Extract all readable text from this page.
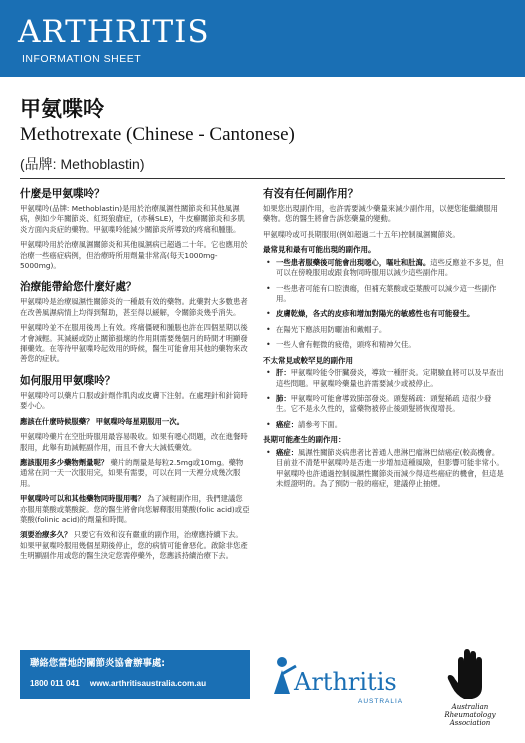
ARTHRITIS
INFORMATION SHEET
甲氨喋呤
Methotrexate (Chinese - Cantonese)
(品牌: Methoblastin)
什麼是甲氨喋呤？

甲氨喋呤(品牌: Methoblastin)是用於治療風濕性關節炎和其他風濕病，例如少年關節炎、紅斑狼瘡症，(亦稱SLE)，牛皮癬關節炎和多肌炎方面內炎症的藥物。甲氨喋呤能減少關節炎所導致的疼痛和腫脹。

甲氨喋呤用於治療風濕關節炎和其他風濕病已超過二十年。它也應用於治療一些癌症病例，但治療時所用劑量非常高(每天1000mg-5000mg)。

治療能帶給您什麼好處？

甲氨喋呤是治療風濕性關節炎的一種最有效的藥物。此藥對大多數患者在改善風濕病情上均得到幫助，甚至得以緩解，令關節炎幾乎消失。

甲氨喋呤並不在服用後馬上有效。疼痛僵硬和腫脹也許在四個星期以後才會減輕。其減緩或防止關節損壞的作用則需要幾個月的時間才明顯發揮藥效。在等待甲氨喋呤起效用的時候，醫生可能會用其他的藥物來改善您的症狀。

如何服用甲氨喋呤？

甲氨喋呤可以藥片口服或針劑作肌肉或皮膚下注射。在處理針和針筒時要小心。

應該在什麼時候服藥？ 甲氨喋呤每星期服用一次。

甲氨喋呤藥片在空肚時服用最容易吸收。如果有噁心問題，改在進餐時服用，此舉有助減輕副作用，而且不會大大減低藥效。

應該服用多少藥物劑量呢？ 藥片的劑量是每粒2.5mg或10mg。藥物通常在同一天一次服用完，如果有需要，可以在同一天裡分成幾次服用。

甲氨喋呤可以和其他藥物同時服用嗎？ 為了減輕副作用，我們建議您亦服用葉酸或葉酸錠。您的醫生將會向您解釋服用葉酸(folic acid)或亞葉酸(folinic acid)的劑量和時間。

須要治療多久？ 只要它有效和沒有嚴重的副作用，治療應持續下去。如果甲氨喋呤服用幾個星期後停止，您的病情可能會惡化。啟除非您產生明顯副作用或您的醫生決定您需停藥外，您應該持續治療下去。

有沒有任何副作用？

如果您出現副作用，也許需要減少藥量來減少副作用，以便您能繼續服用藥物。您的醫生將會告訴您藥量的變動。

甲氨喋呤或可長期服用(例如超過二十五年)控制風濕關節炎。

最常見和最有可能出現的副作用。
• 一些患者服藥後可能會出現噁心，嘔吐和肚瀉。這些反應並不多見，但可以在傍晚服用或跟食物同時服用以減少這些副作用。
• 一些患者可能有口腔潰瘍，但補充葉酸或亞葉酸可以減少這一些副作用。
• 皮膚乾燥，各式的皮疹和增加對陽光的敏感性也有可能發生。
• 在陽光下應該用防曬油和戴帽子。
• 一些人會有輕微的疲倦，頭疼和精神欠佳。
不太常見或較罕見的副作用
• 肝：甲氨喋呤能令肝臟發炎，導致一種肝炎。定期驗血將可以及早查出這些問題。甲氨喋呤藥量也許需要減少或被停止。
• 肺：甲氨喋呤可能會導致肺部發炎。頭髮稀疏：頭髮稀疏 這很少發生。它不是永久性的，當藥物被停止後頭髮將恢復增長。
• 癌症：請參考下面。
長期可能產生的副作用：
• 癌症：風濕性關節炎病患者比普通人患淋巴瘤淋巴結癌症(較高機會。目前並不清楚甲氨喋呤是否進一步增加這種風險，但影響可能非常小。甲氨喋呤也許通過控制風濕性關節炎而減少得這些癌症的機會，但這是未經證明的。為了預防一般的癌症，建議停止抽煙。
聯絡您當地的關節炎協會辦事處:
1800 011 041 www.arthritisaustralia.com.au	Arthritis
AUSTRALIA
Australian
Rheumatology
Association
